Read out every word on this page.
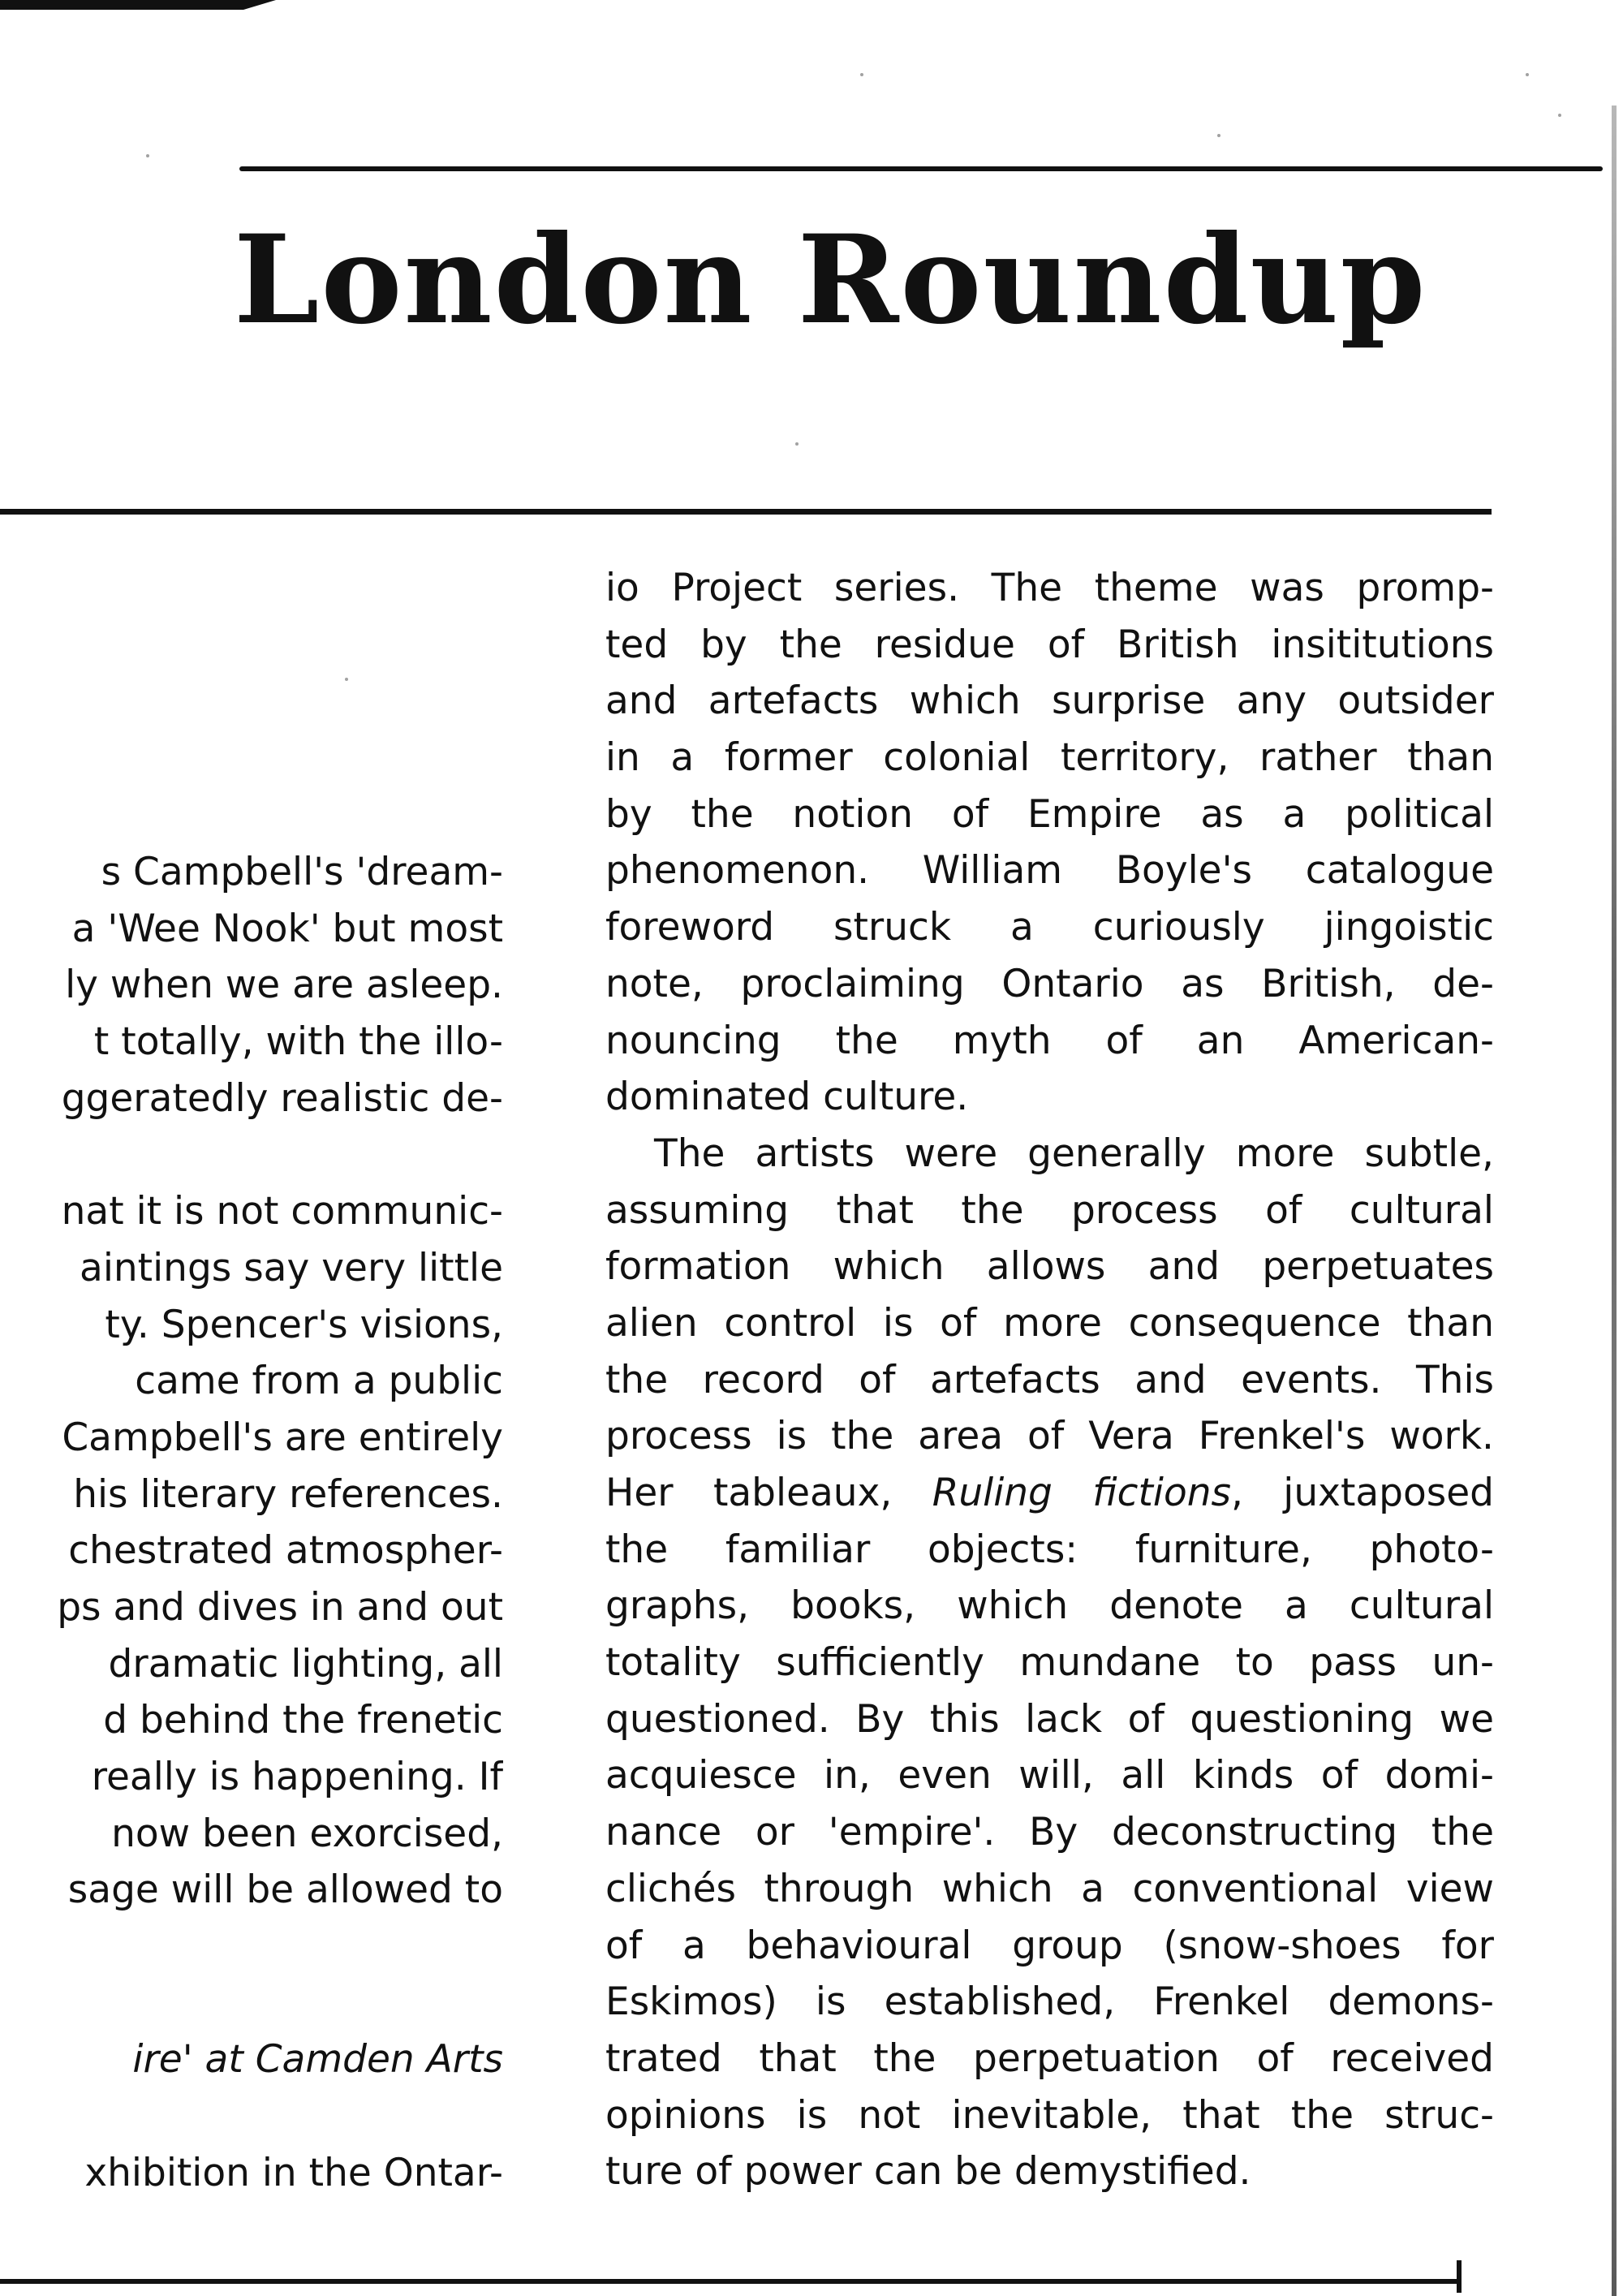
London Roundup
s Campbell's 'dream-
a 'Wee Nook' but most
ly when we are asleep.
t totally, with the illo-
ggeratedly realistic de-
nat it is not communic-
aintings say very little
ty. Spencer's visions,
came from a public
Campbell's are entirely
his literary references.
chestrated atmospher-
ps and dives in and out
dramatic lighting, all
d behind the frenetic
really is happening. If
now been exorcised,
sage will be allowed to
ire' at Camden Arts
xhibition in the Ontar-
io Project series. The theme was promp-
ted by the residue of British insititutions
and artefacts which surprise any outsider
in a former colonial territory, rather than
by the notion of Empire as a political
phenomenon. William Boyle's catalogue
foreword struck a curiously jingoistic
note, proclaiming Ontario as British, de-
nouncing the myth of an American-
dominated culture.
The artists were generally more subtle,
assuming that the process of cultural
formation which allows and perpetuates
alien control is of more consequence than
the record of artefacts and events. This
process is the area of Vera Frenkel's work.
Her tableaux, Ruling fictions, juxtaposed
the familiar objects: furniture, photo-
graphs, books, which denote a cultural
totality sufficiently mundane to pass un-
questioned. By this lack of questioning we
acquiesce in, even will, all kinds of domi-
nance or 'empire'. By deconstructing the
clichés through which a conventional view
of a behavioural group (snow-shoes for
Eskimos) is established, Frenkel demons-
trated that the perpetuation of received
opinions is not inevitable, that the struc-
ture of power can be demystified.
